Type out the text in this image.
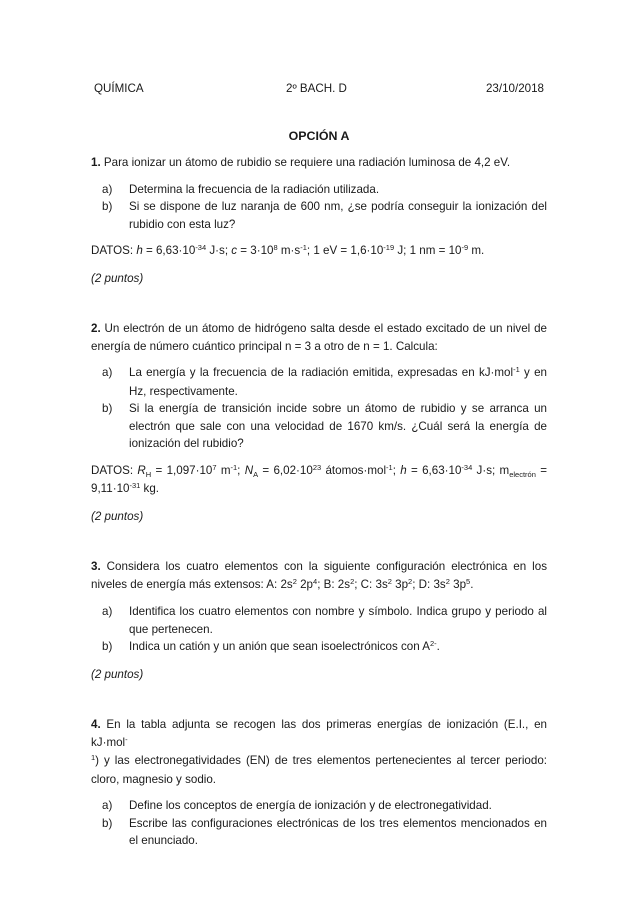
QUÍMICA	2º BACH. D	23/10/2018
OPCIÓN A

1. Para ionizar un átomo de rubidio se requiere una radiación luminosa de 4,2 eV.

a) Determina la frecuencia de la radiación utilizada.
b) Si se dispone de luz naranja de 600 nm, ¿se podría conseguir la ionización del rubidio con esta luz?

DATOS: $h = 6,63\cdot 10^{-34}$ J·s; $c = 3\cdot 10^8$ $m\cdot s^{-1}$; 1 eV = $1,6\cdot 10^{-19}$ J; 1 nm = $10^{-9}$ m.

(2 puntos)

2. Un electrón de un átomo de hidrógeno salta desde el estado excitado de un nivel de energía de número cuántico principal n = 3 a otro de n = 1. Calcula:

a) La energía y la frecuencia de la radiación emitida, expresadas en kJ·mol$^{-1}$ y en Hz, respectivamente.
b) Si la energía de transición incide sobre un átomo de rubidio y se arranca un electrón que sale con una velocidad de 1670 km/s. ¿Cuál será la energía de ionización del rubidio?

DATOS: $R_H = 1,097\cdot 10^7$ $m^{-1}$; $N_A = 6,02\cdot 10^{23}$ átomos·mol$^{-1}$; $h = 6,63\cdot 10^{-34}$ J·s; $m_{electrón} = 9,11\cdot 10^{-31}$ kg.

(2 puntos)

3. Considera los cuatro elementos con la siguiente configuración electrónica en los niveles de energía más extensos: A: $2s^2$ $2p^4$; B: $2s^2$; C: $3s^2$ $3p^2$; D: $3s^2$ $3p^5$.

a) Identifica los cuatro elementos con nombre y símbolo. Indica grupo y periodo al que pertenecen.
b) Indica un catión y un anión que sean isoelectrónicos con $A^{2-}$.

(2 puntos)

4. En la tabla adjunta se recogen las dos primeras energías de ionización (E.I., en kJ·mol-
$^1$) y las electronegatividades (EN) de tres elementos pertenecientes al tercer periodo: cloro, magnesio y sodio.

a) Define los conceptos de energía de ionización y de electronegatividad.
b) Escribe las configuraciones electrónicas de los tres elementos mencionados en el enunciado.
